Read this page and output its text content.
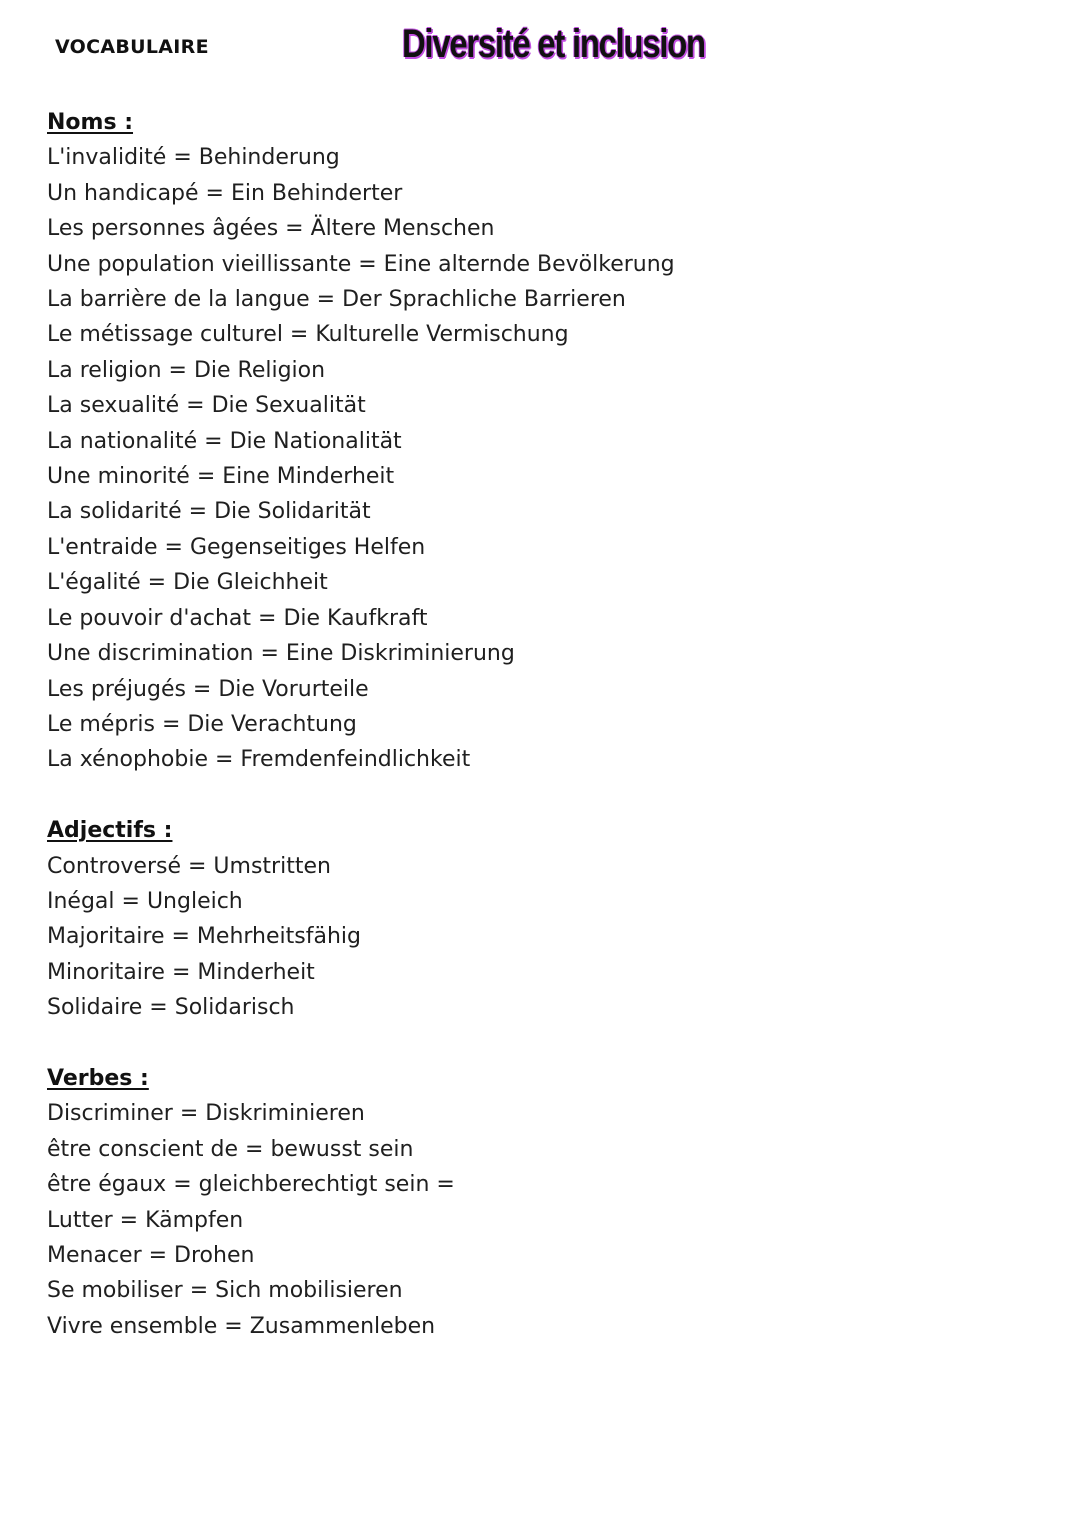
VOCABULAIRE	Diversité et inclusion
Noms :
L'invalidité = Behinderung
Un handicapé = Ein Behinderter
Les personnes âgées = Ältere Menschen
Une population vieillissante = Eine alternde Bevölkerung
La barrière de la langue = Der Sprachliche Barrieren
Le métissage culturel = Kulturelle Vermischung
La religion = Die Religion
La sexualité = Die Sexualität
La nationalité = Die Nationalität
Une minorité = Eine Minderheit
La solidarité = Die Solidarität
L'entraide = Gegenseitiges Helfen
L'égalité = Die Gleichheit
Le pouvoir d'achat = Die Kaufkraft
Une discrimination = Eine Diskriminierung
Les préjugés = Die Vorurteile
Le mépris = Die Verachtung
La xénophobie = Fremdenfeindlichkeit
Adjectifs :
Controversé = Umstritten
Inégal = Ungleich
Majoritaire = Mehrheitsfähig
Minoritaire = Minderheit
Solidaire = Solidarisch
Verbes :
Discriminer = Diskriminieren
être conscient de = bewusst sein
être égaux = gleichberechtigt sein =
Lutter = Kämpfen
Menacer = Drohen
Se mobiliser = Sich mobilisieren
Vivre ensemble = Zusammenleben
